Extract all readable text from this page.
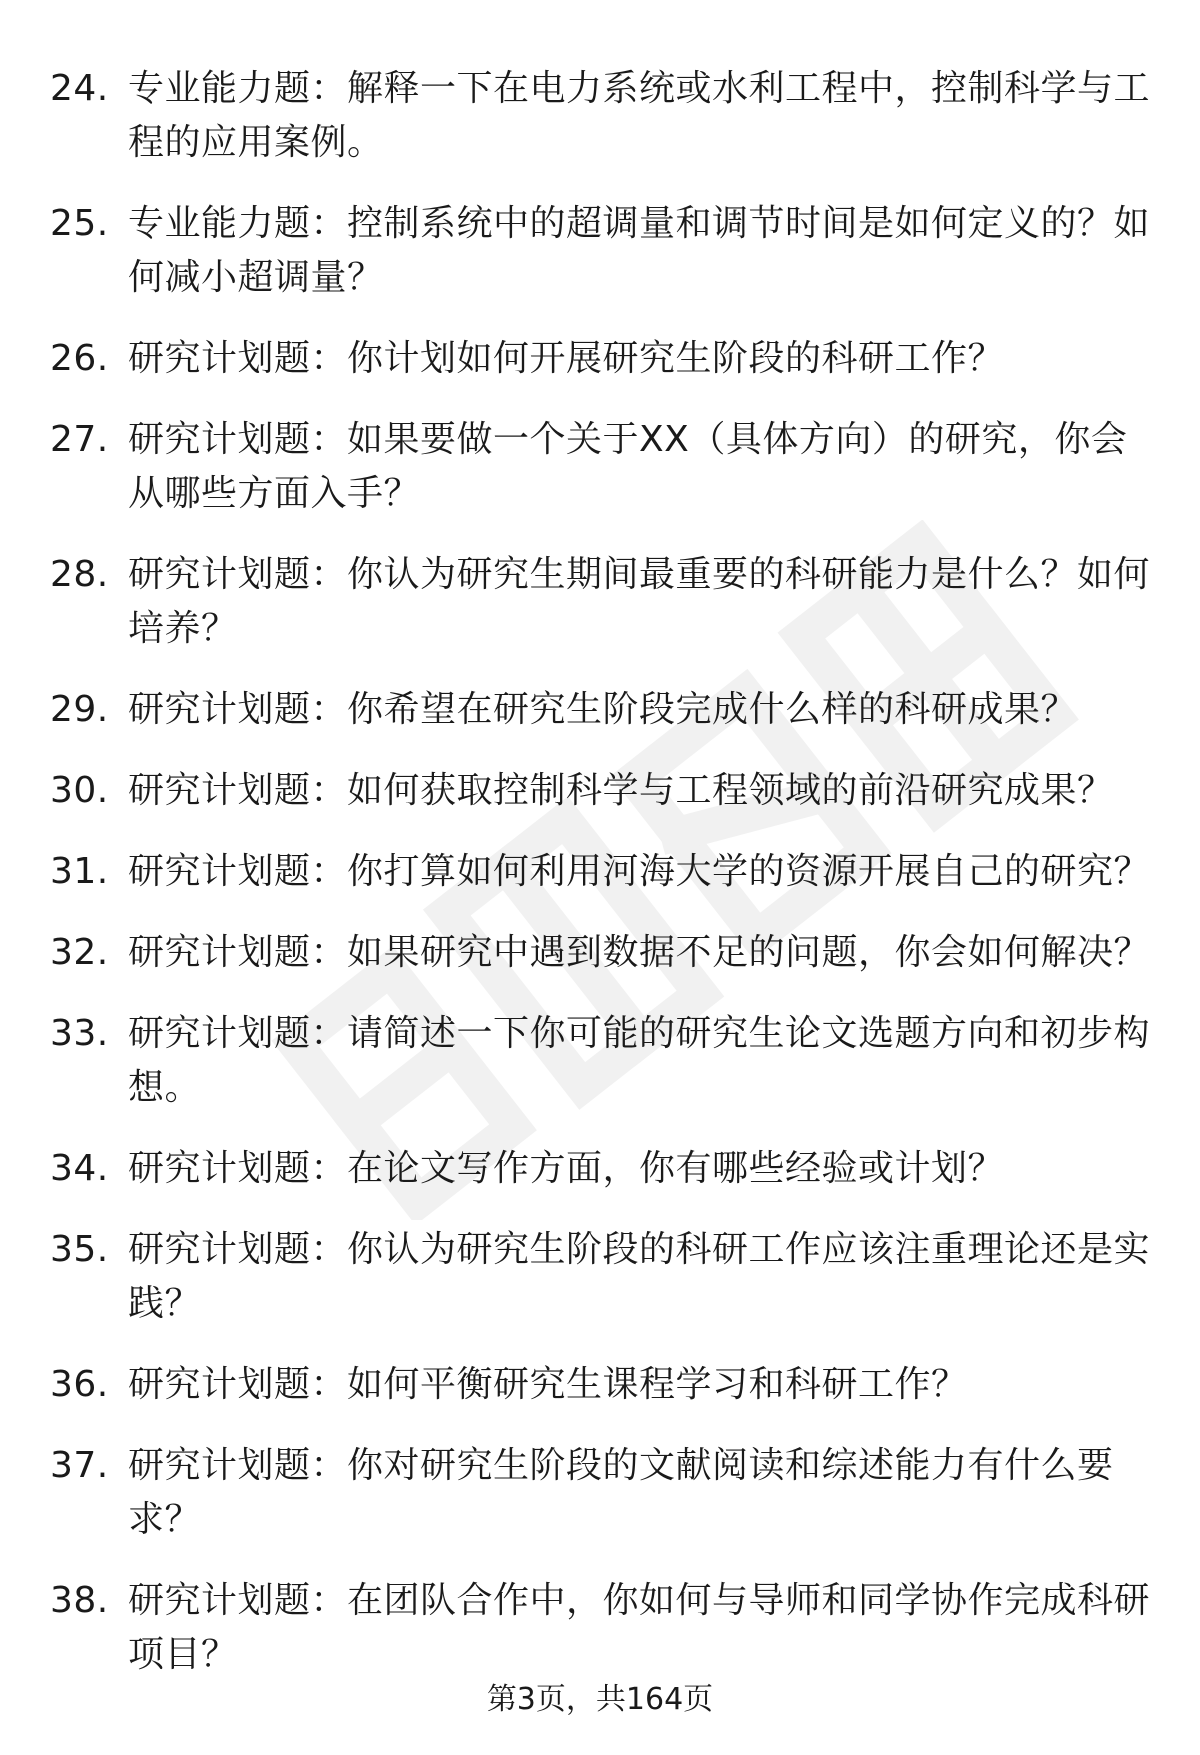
24. 专业能力题：解释一下在电力系统或水利工程中，控制科学与工程的应用案例。
25. 专业能力题：控制系统中的超调量和调节时间是如何定义的？如何减小超调量？
26. 研究计划题：你计划如何开展研究生阶段的科研工作？
27. 研究计划题：如果要做一个关于XX（具体方向）的研究，你会从哪些方面入手？
28. 研究计划题：你认为研究生期间最重要的科研能力是什么？如何培养？
29. 研究计划题：你希望在研究生阶段完成什么样的科研成果？
30. 研究计划题：如何获取控制科学与工程领域的前沿研究成果？
31. 研究计划题：你打算如何利用河海大学的资源开展自己的研究？
32. 研究计划题：如果研究中遇到数据不足的问题，你会如何解决？
33. 研究计划题：请简述一下你可能的研究生论文选题方向和初步构想。
34. 研究计划题：在论文写作方面，你有哪些经验或计划？
35. 研究计划题：你认为研究生阶段的科研工作应该注重理论还是实践？
36. 研究计划题：如何平衡研究生课程学习和科研工作？
37. 研究计划题：你对研究生阶段的文献阅读和综述能力有什么要求？
38. 研究计划题：在团队合作中，你如何与导师和同学协作完成科研项目？
第3页，共164页
